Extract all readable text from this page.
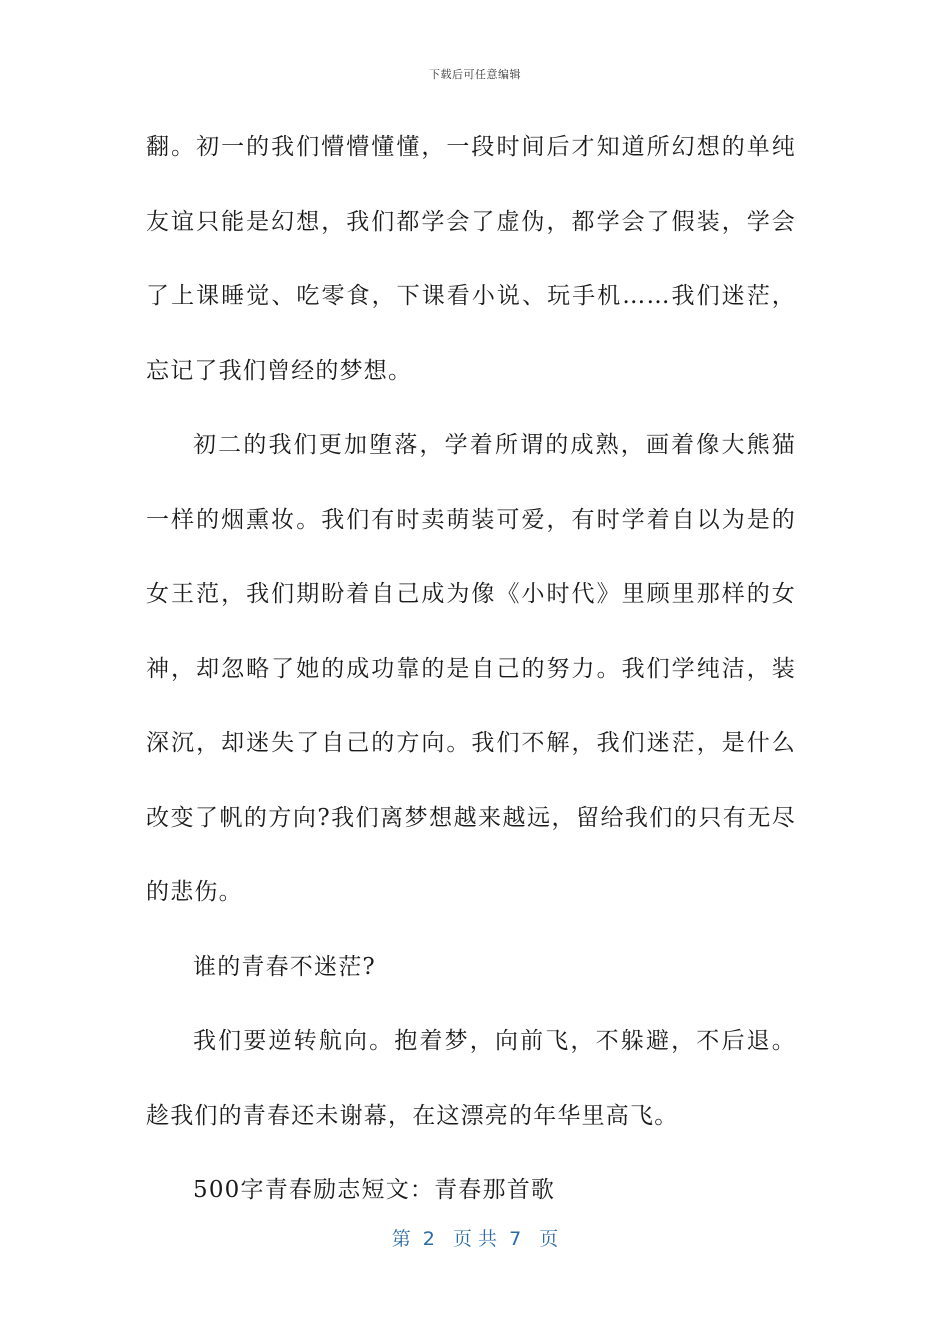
下载后可任意编辑

翻。初一的我们懵懵懂懂，一段时间后才知道所幻想的单纯友谊只能是幻想，我们都学会了虚伪，都学会了假装，学会了上课睡觉、吃零食，下课看小说、玩手机……我们迷茫，忘记了我们曾经的梦想。

初二的我们更加堕落，学着所谓的成熟，画着像大熊猫一样的烟熏妆。我们有时卖萌装可爱，有时学着自以为是的女王范，我们期盼着自己成为像《小时代》里顾里那样的女神，却忽略了她的成功靠的是自己的努力。我们学纯洁，装深沉，却迷失了自己的方向。我们不解，我们迷茫，是什么改变了帆的方向?我们离梦想越来越远，留给我们的只有无尽的悲伤。

谁的青春不迷茫?

我们要逆转航向。抱着梦，向前飞，不躲避，不后退。趁我们的青春还未谢幕，在这漂亮的年华里高飞。

500字青春励志短文：青春那首歌

第  2   页 共  7   页
